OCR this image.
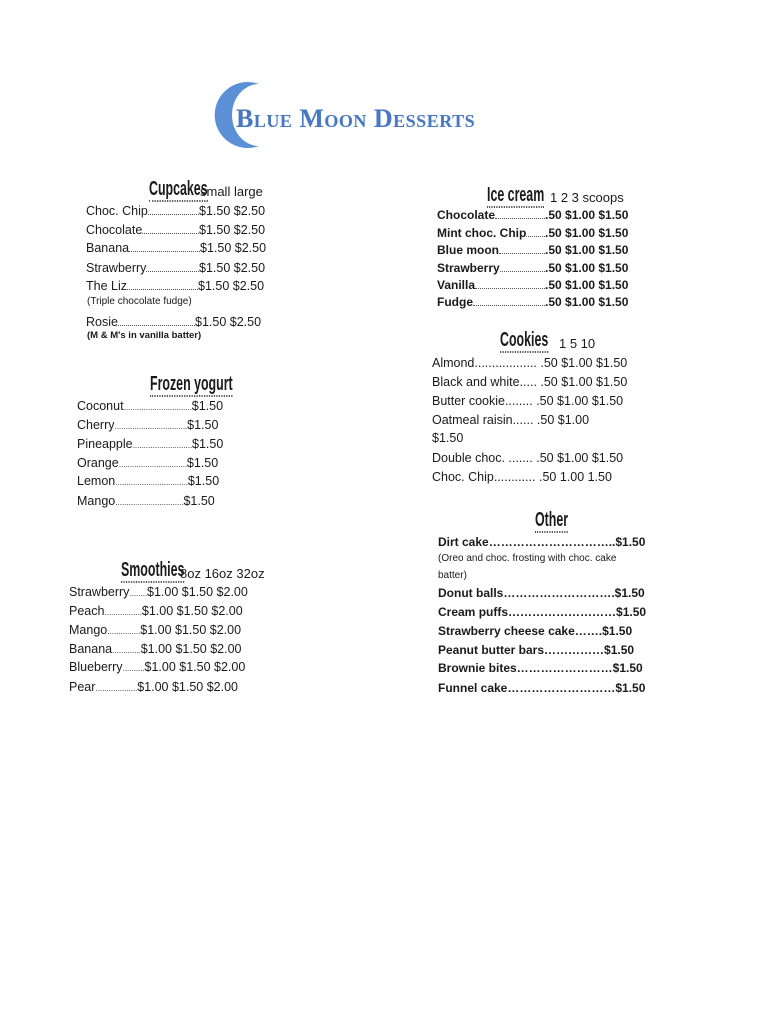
Blue Moon Desserts
Cupcakes
small large
Choc. Chip	$1.50 $2.50
Chocolate	$1.50 $2.50
Banana	$1.50 $2.50
Strawberry	$1.50 $2.50
The Liz	$1.50 $2.50
(Triple chocolate fudge)
Rosie	$1.50 $2.50
(M & M's in vanilla batter)
Frozen yogurt
Coconut...............................$1.50
Cherry.................................$1.50
Pineapple...........................$1.50
Orange...............................$1.50
Lemon.................................$1.50
Mango...............................$1.50
Smoothies
8oz 16oz 32oz
Strawberry........$1.00 $1.50 $2.00
Peach.................$1.00 $1.50 $2.00
Mango...............$1.00 $1.50 $2.00
Banana.............$1.00 $1.50 $2.00
Blueberry..........$1.00 $1.50 $2.00
Pear...................$1.00 $1.50 $2.00
Ice cream 1 2 3 scoops
Chocolate	.50 $1.00 $1.50
Mint choc. Chip .50 $1.00 $1.50
Blue moon	.50 $1.00 $1.50
Strawberry	.50 $1.00 $1.50
Vanilla	.50 $1.00 $1.50
Fudge	.50 $1.00 $1.50
Cookies 1 5 10
Almond.................. .50 $1.00 $1.50
Black and white..... .50 $1.00 $1.50
Butter cookie........ .50 $1.00 $1.50
Oatmeal raisin...... .50 $1.00
$1.50
Double choc. ....... .50 $1.00 $1.50
Choc. Chip............ .50 1.00 1.50
Other
Dirt cake…………………………..$1.50
(Oreo and choc. frosting with choc. cake
batter)
Donut balls……………………….$1.50
Cream puffs………………………$1.50
Strawberry cheese cake…….$1.50
Peanut butter bars……………$1.50
Brownie bites……………………$1.50
Funnel cake………………………$1.50
